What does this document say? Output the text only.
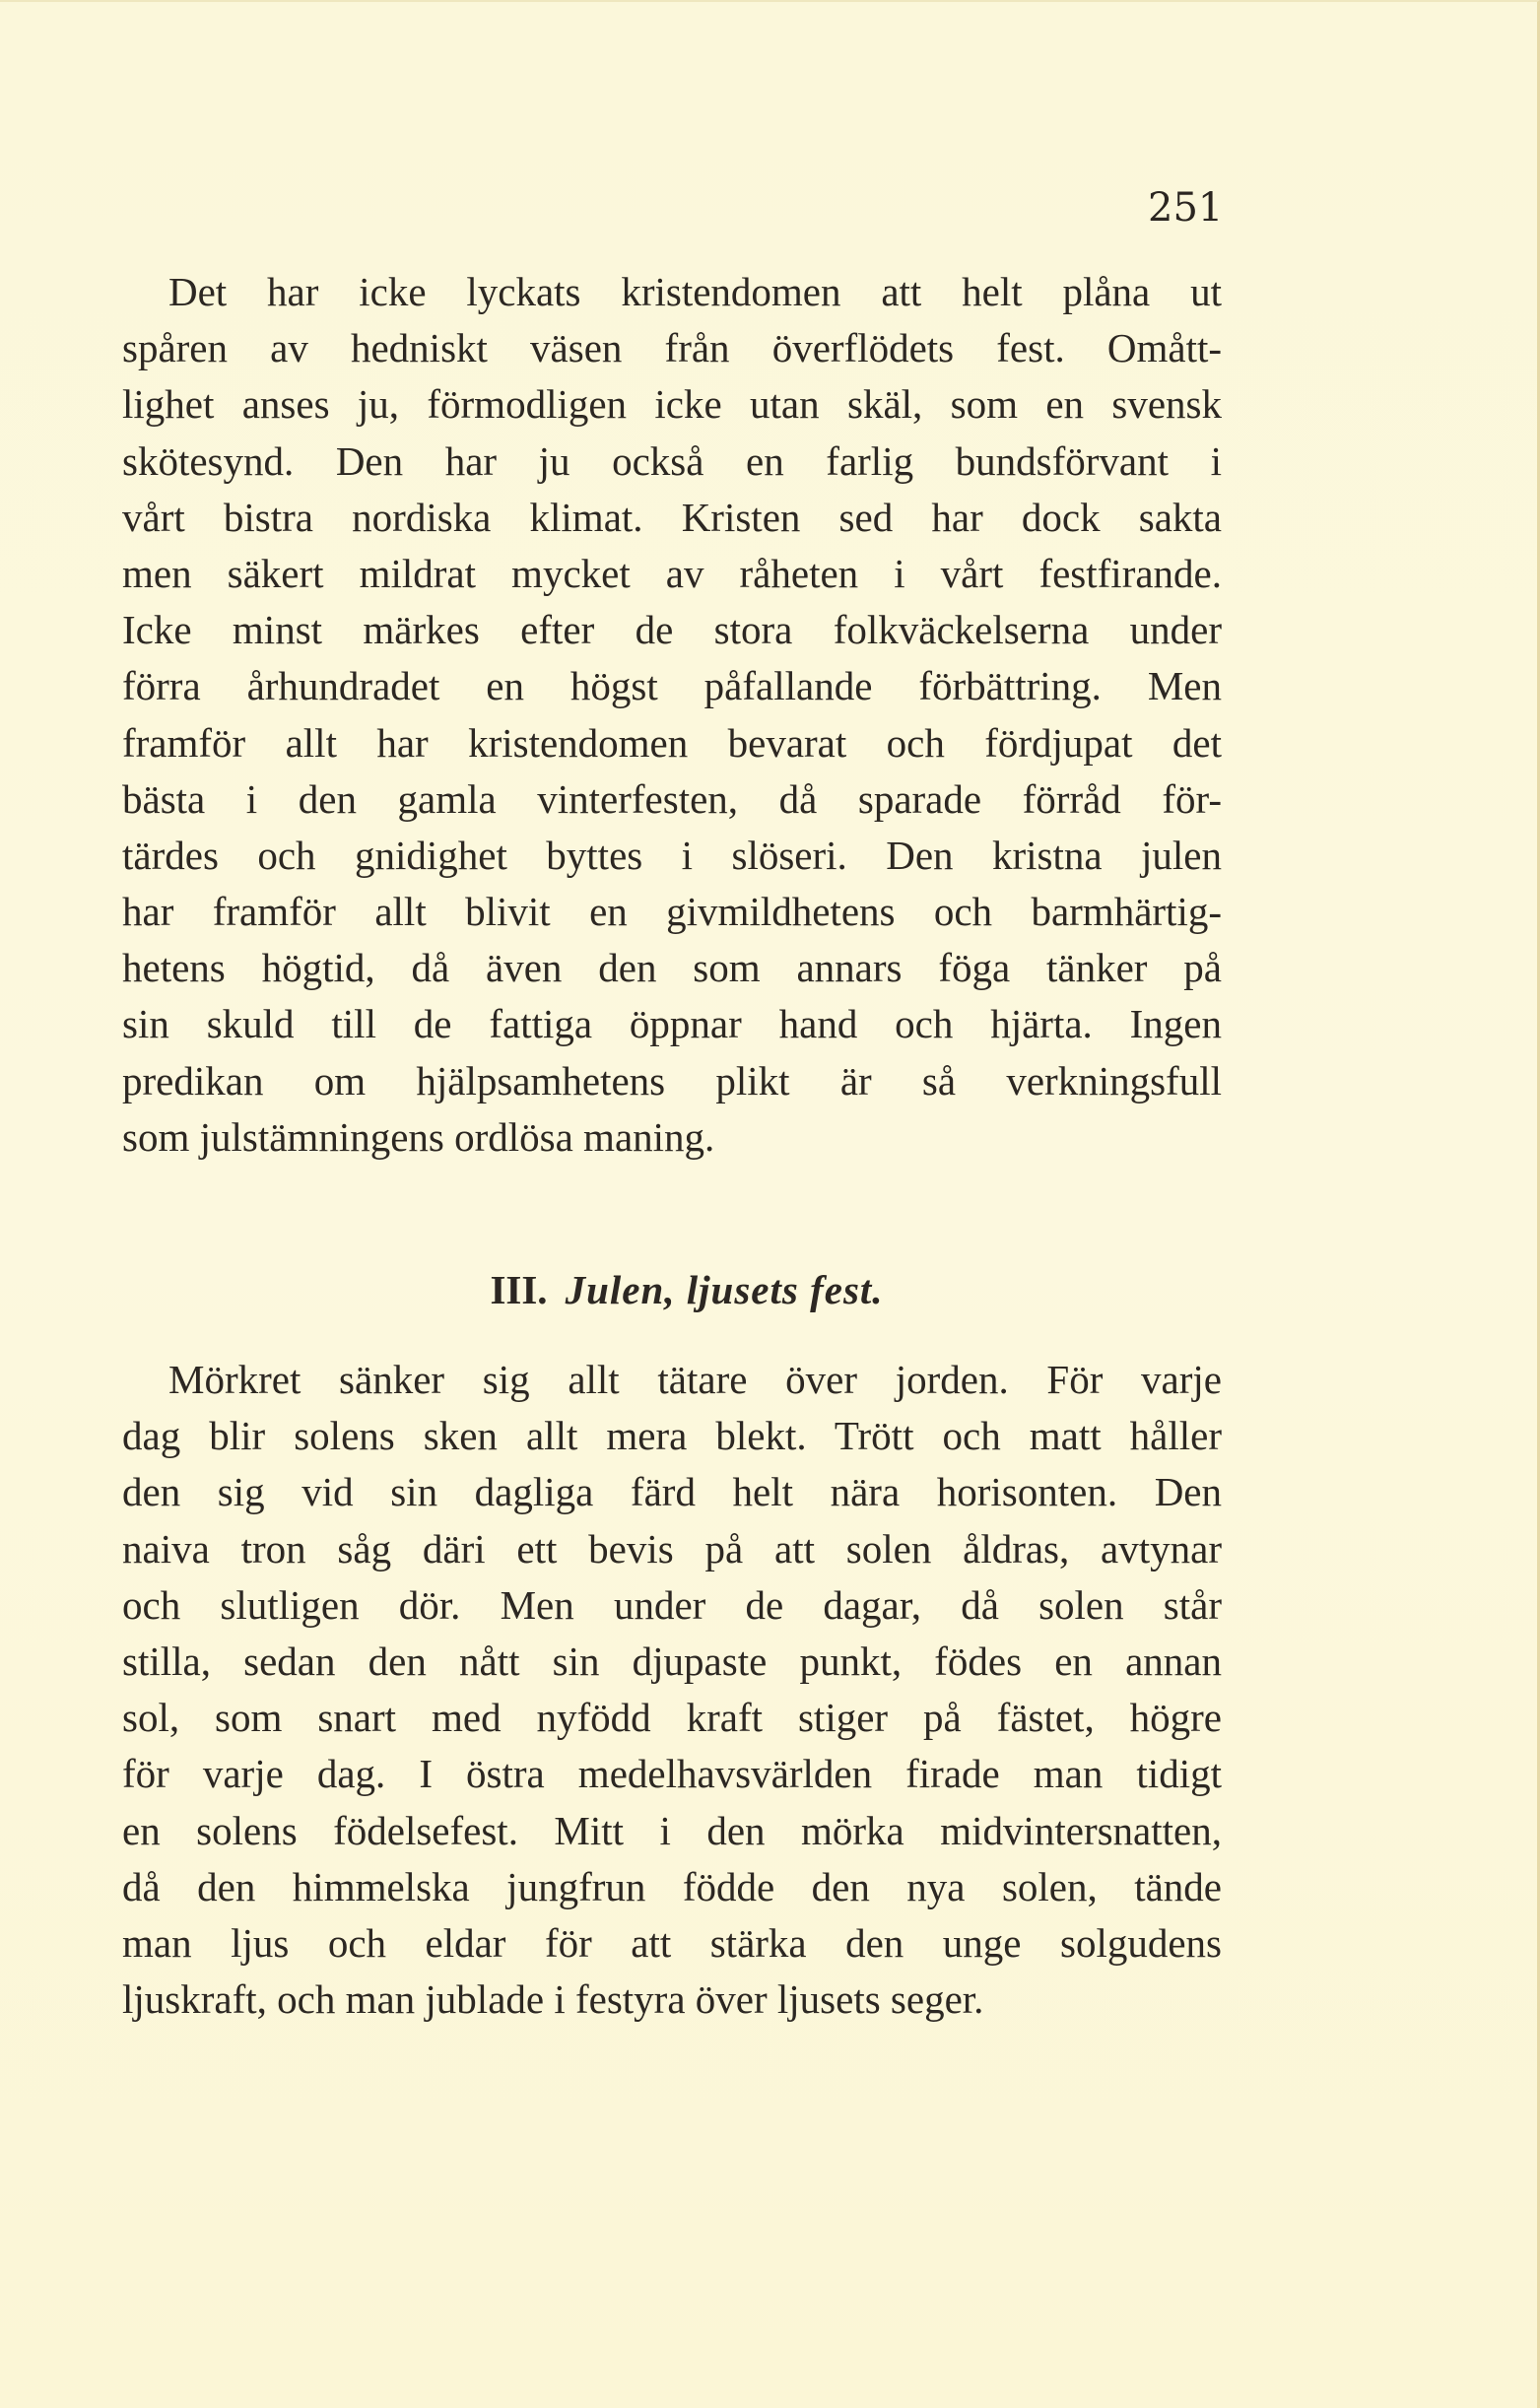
251

Det har icke lyckats kristendomen att helt plåna ut
spåren av hedniskt väsen från överflödets fest. Omått-
lighet anses ju, förmodligen icke utan skäl, som en svensk
skötesynd. Den har ju också en farlig bundsförvant i
vårt bistra nordiska klimat. Kristen sed har dock sakta
men säkert mildrat mycket av råheten i vårt festfirande.
Icke minst märkes efter de stora folkväckelserna under
förra århundradet en högst påfallande förbättring. Men
framför allt har kristendomen bevarat och fördjupat det
bästa i den gamla vinterfesten, då sparade förråd för-
tärdes och gnidighet byttes i slöseri. Den kristna julen
har framför allt blivit en givmildhetens och barmhärtig-
hetens högtid, då även den som annars föga tänker på
sin skuld till de fattiga öppnar hand och hjärta. Ingen
predikan om hjälpsamhetens plikt är så verkningsfull
som julstämningens ordlösa maning.
III. Julen, ljusets fest.
Mörkret sänker sig allt tätare över jorden. För varje
dag blir solens sken allt mera blekt. Trött och matt håller
den sig vid sin dagliga färd helt nära horisonten. Den
naiva tron såg däri ett bevis på att solen åldras, avtynar
och slutligen dör. Men under de dagar, då solen står
stilla, sedan den nått sin djupaste punkt, födes en annan
sol, som snart med nyfödd kraft stiger på fästet, högre
för varje dag. I östra medelhavsvärlden firade man tidigt
en solens födelsefest. Mitt i den mörka midvintersnatten,
då den himmelska jungfrun födde den nya solen, tände
man ljus och eldar för att stärka den unge solgudens
ljuskraft, och man jublade i festyra över ljusets seger.
